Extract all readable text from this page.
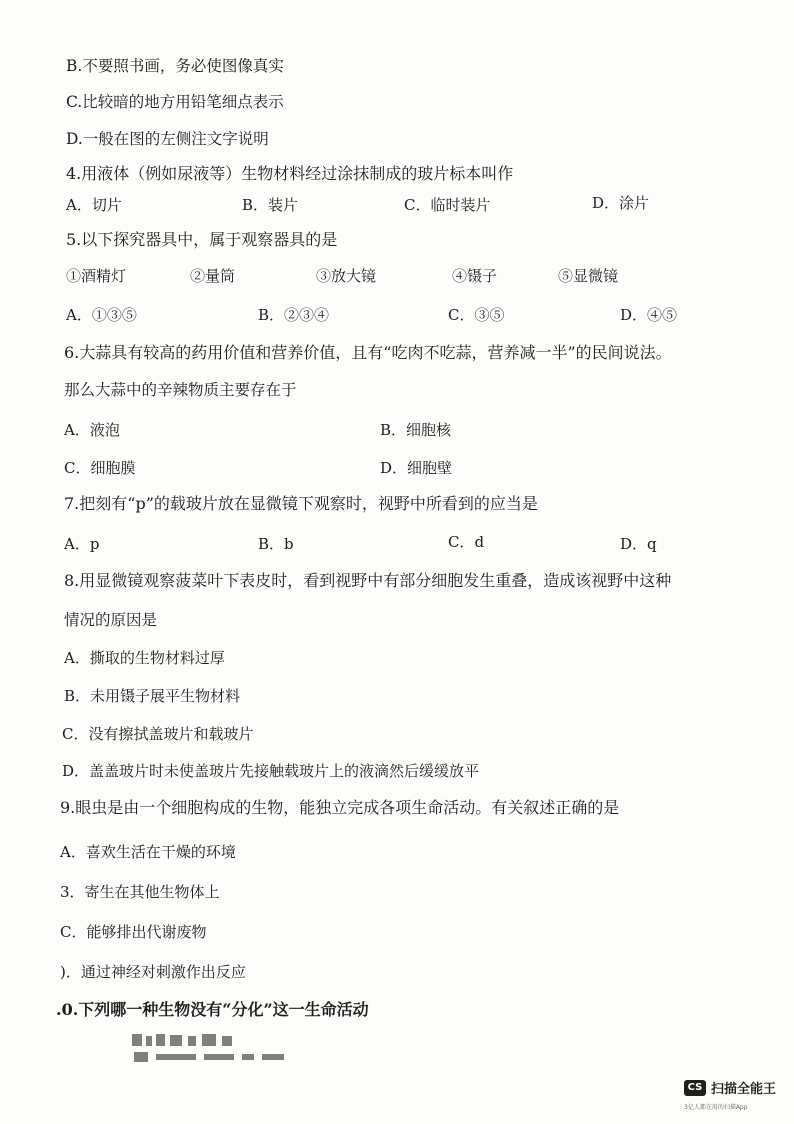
B.不要照书画，务必使图像真实
C.比较暗的地方用铅笔细点表示
D.一般在图的左侧注文字说明
4.用液体（例如尿液等）生物材料经过涂抹制成的玻片标本叫作
A．切片	B．装片	C．临时装片	D．涂片
5.以下探究器具中，属于观察器具的是
①酒精灯	②量筒	③放大镜	④镊子	⑤显微镜
A．①③⑤	B．②③④	C．③⑤	D．④⑤
6.大蒜具有较高的药用价值和营养价值，且有“吃肉不吃蒜，营养减一半”的民间说法。
那么大蒜中的辛辣物质主要存在于
A．液泡	B．细胞核
C．细胞膜	D．细胞壁
7.把刻有“p”的载玻片放在显微镜下观察时，视野中所看到的应当是
A．p	B．b	C．d	D．q
8.用显微镜观察菠菜叶下表皮时，看到视野中有部分细胞发生重叠，造成该视野中这种
情况的原因是
A．撕取的生物材料过厚
B．未用镊子展平生物材料
C．没有擦拭盖玻片和载玻片
D．盖盖玻片时未使盖玻片先接触载玻片上的液滴然后缓缓放平
9.眼虫是由一个细胞构成的生物，能独立完成各项生命活动。有关叙述正确的是
A．喜欢生活在干燥的环境
3．寄生在其他生物体上
C．能够排出代谢废物
)．通过神经对刺激作出反应
.0.下列哪一种生物没有“分化”这一生命活动
CS 扫描全能王
3亿人都在用的扫描App
